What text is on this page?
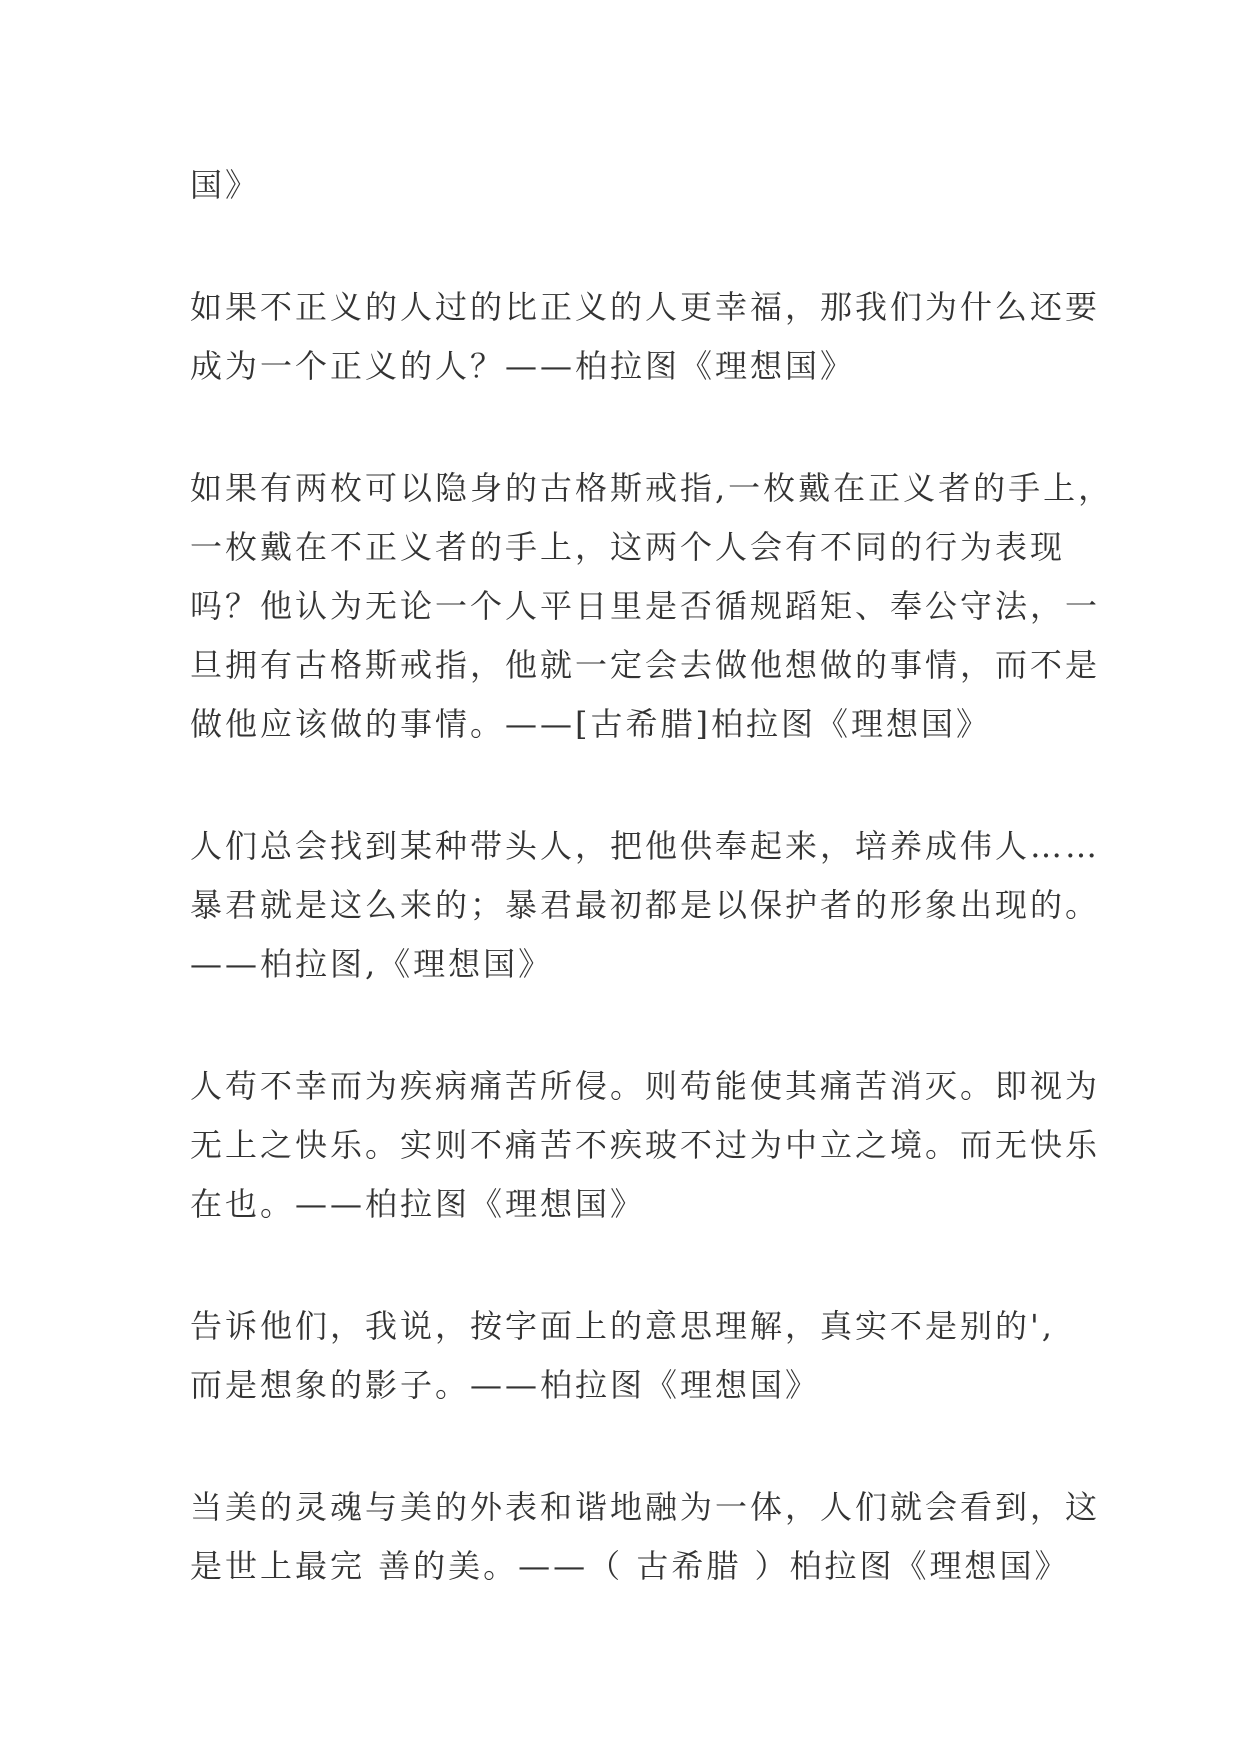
国》
如果不正义的人过的比正义的人更幸福，那我们为什么还要
成为一个正义的人？——柏拉图《理想国》
如果有两枚可以隐身的古格斯戒指,一枚戴在正义者的手上，
一枚戴在不正义者的手上，这两个人会有不同的行为表现
吗？他认为无论一个人平日里是否循规蹈矩、奉公守法，一
旦拥有古格斯戒指，他就一定会去做他想做的事情，而不是
做他应该做的事情。——[古希腊]柏拉图《理想国》
人们总会找到某种带头人，把他供奉起来，培养成伟人……
暴君就是这么来的；暴君最初都是以保护者的形象出现的。
——柏拉图,《理想国》
人苟不幸而为疾病痛苦所侵。则苟能使其痛苦消灭。即视为
无上之快乐。实则不痛苦不疾玻不过为中立之境。而无快乐
在也。——柏拉图《理想国》
告诉他们，我说，按字面上的意思理解，真实不是别的',
而是想象的影子。——柏拉图《理想国》
当美的灵魂与美的外表和谐地融为一体，人们就会看到，这
是世上最完 善的美。——（ 古希腊 ）柏拉图《理想国》
